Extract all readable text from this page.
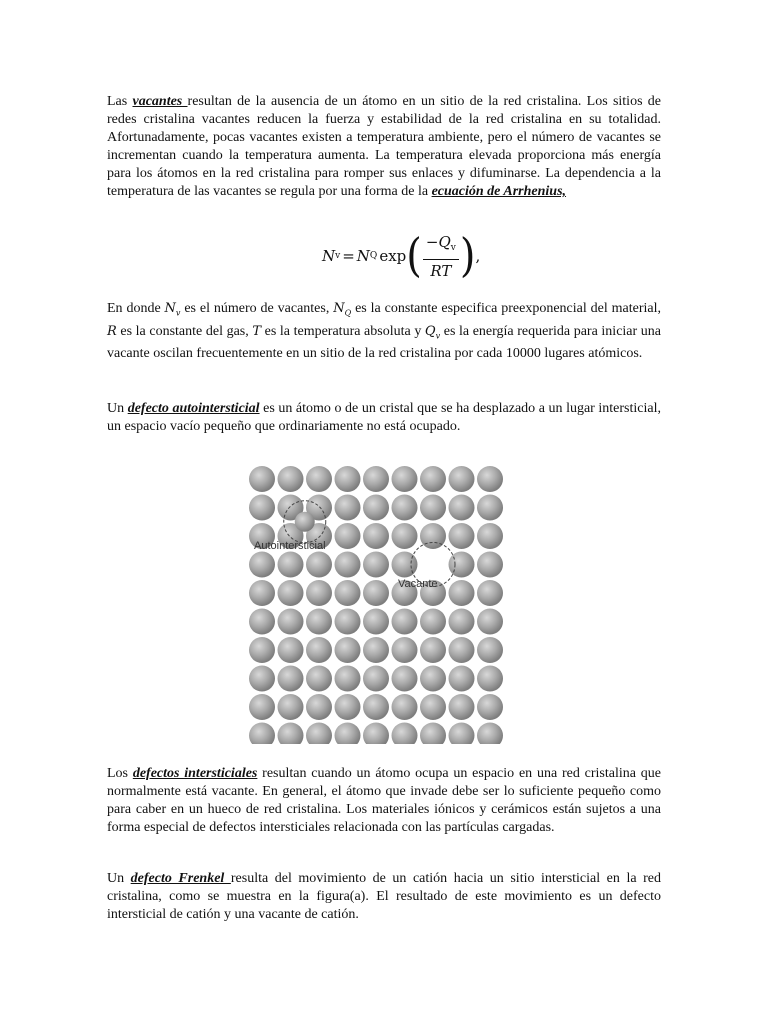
Las vacantes resultan de la ausencia de un átomo en un sitio de la red cristalina. Los sitios de redes cristalina vacantes reducen la fuerza y estabilidad de la red cristalina en su totalidad. Afortunadamente, pocas vacantes existen a temperatura ambiente, pero el número de vacantes se incrementan cuando la temperatura aumenta. La temperatura elevada proporciona más energía para los átomos en la red cristalina para romper sus enlaces y difuminarse. La dependencia a la temperatura de las vacantes se regula por una forma de la ecuación de Arrhenius,

N v = N Q exp ( $\frac{-Q_v}{RT}$ ) ,

En donde $N_v$ es el número de vacantes, $N_Q$ es la constante especifica preexponencial del material, R es la constante del gas, T es la temperatura absoluta y $Q_v$ es la energía requerida para iniciar una vacante oscilan frecuentemente en un sitio de la red cristalina por cada 10000 lugares atómicos.

Un defecto autointersticial es un átomo o de un cristal que se ha desplazado a un lugar intersticial, un espacio vacío pequeño que ordinariamente no está ocupado.

Autointersticial
Vacante

Los defectos intersticiales resultan cuando un átomo ocupa un espacio en una red cristalina que normalmente está vacante. En general, el átomo que invade debe ser lo suficiente pequeño como para caber en un hueco de red cristalina. Los materiales iónicos y cerámicos están sujetos a una forma especial de defectos intersticiales relacionada con las partículas cargadas.

Un defecto Frenkel resulta del movimiento de un catión hacia un sitio intersticial en la red cristalina, como se muestra en la figura(a). El resultado de este movimiento es un defecto intersticial de catión y una vacante de catión.
